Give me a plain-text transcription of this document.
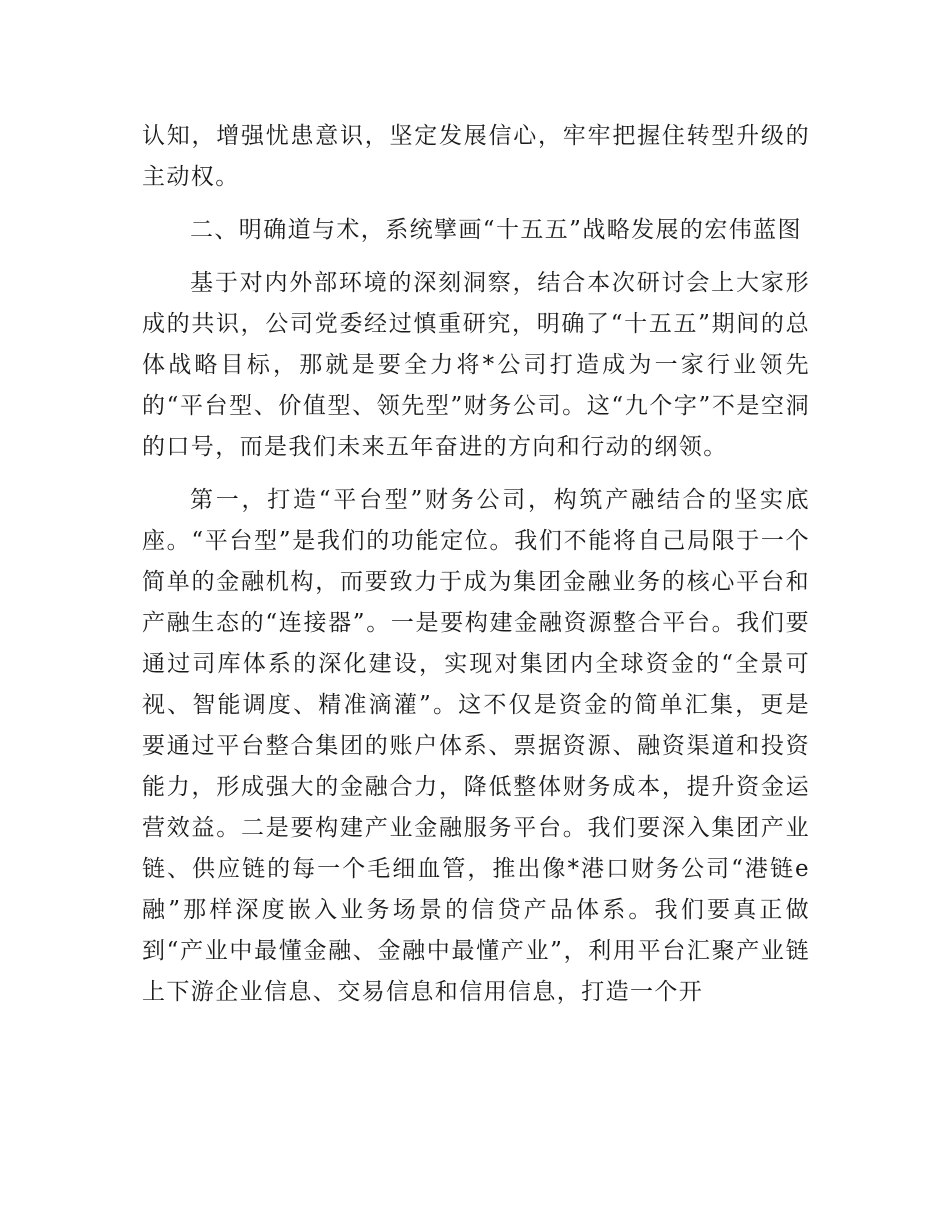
认知，增强忧患意识，坚定发展信心，牢牢把握住转型升级的主动权。

二、明确道与术，系统擘画“十五五”战略发展的宏伟蓝图

基于对内外部环境的深刻洞察，结合本次研讨会上大家形成的共识，公司党委经过慎重研究，明确了“十五五”期间的总体战略目标，那就是要全力将*公司打造成为一家行业领先的“平台型、价值型、领先型”财务公司。这“九个字”不是空洞的口号，而是我们未来五年奋进的方向和行动的纲领。

第一，打造“平台型”财务公司，构筑产融结合的坚实底座。“平台型”是我们的功能定位。我们不能将自己局限于一个简单的金融机构，而要致力于成为集团金融业务的核心平台和产融生态的“连接器”。一是要构建金融资源整合平台。我们要通过司库体系的深化建设，实现对集团内全球资金的“全景可视、智能调度、精准滴灌”。这不仅是资金的简单汇集，更是要通过平台整合集团的账户体系、票据资源、融资渠道和投资能力，形成强大的金融合力，降低整体财务成本，提升资金运营效益。二是要构建产业金融服务平台。我们要深入集团产业链、供应链的每一个毛细血管，推出像*港口财务公司“港链e融”那样深度嵌入业务场景的信贷产品体系。我们要真正做到“产业中最懂金融、金融中最懂产业”，利用平台汇聚产业链上下游企业信息、交易信息和信用信息，打造一个开
